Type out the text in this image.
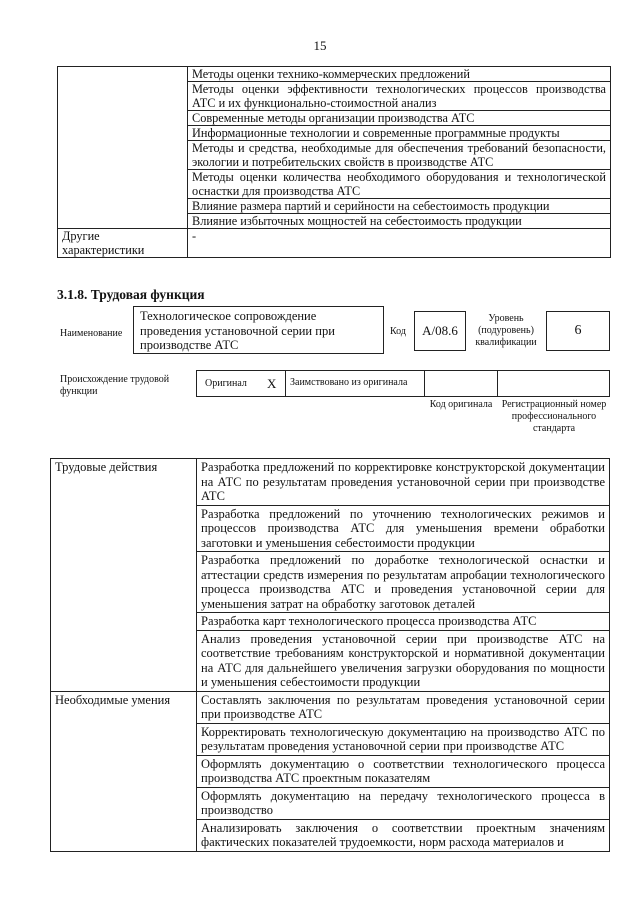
15
	Методы оценки технико-коммерческих предложений
	Методы оценки эффективности технологических процессов производства АТС и их функционально-стоимостной анализ
	Современные методы организации производства АТС
	Информационные технологии и современные программные продукты
	Методы и средства, необходимые для обеспечения требований безопасности, экологии и потребительских свойств в производстве АТС
	Методы оценки количества необходимого оборудования и технологической оснастки для производства АТС
	Влияние размера партий и серийности на себестоимость продукции
	Влияние избыточных мощностей на себестоимость продукции
Другие характеристики	-
3.1.8. Трудовая функция
Наименование
Технологическое сопровождение проведения установочной серии при производстве АТС
Код	А/08.6
Уровень (подуровень) квалификации
6
Происхождение трудовой функции
Оригинал Х	Заимствовано из оригинала
Код оригинала Регистрационный номер профессионального стандарта
Трудовые действия	Разработка предложений по корректировке конструкторской документации на АТС по результатам проведения установочной серии при производстве АТС
	Разработка предложений по уточнению технологических режимов и процессов производства АТС для уменьшения времени обработки заготовки и уменьшения себестоимости продукции
	Разработка предложений по доработке технологической оснастки и аттестации средств измерения по результатам апробации технологического процесса производства АТС и проведения установочной серии для уменьшения затрат на обработку заготовок деталей
	Разработка карт технологического процесса производства АТС
	Анализ проведения установочной серии при производстве АТС на соответствие требованиям конструкторской и нормативной документации на АТС для дальнейшего увеличения загрузки оборудования по мощности и уменьшения себестоимости продукции
Необходимые умения	Составлять заключения по результатам проведения установочной серии при производстве АТС
	Корректировать технологическую документацию на производство АТС по результатам проведения установочной серии при производстве АТС
	Оформлять документацию о соответствии технологического процесса производства АТС проектным показателям
	Оформлять документацию на передачу технологического процесса в производство
	Анализировать заключения о соответствии проектным значениям фактических показателей трудоемкости, норм расхода материалов и
